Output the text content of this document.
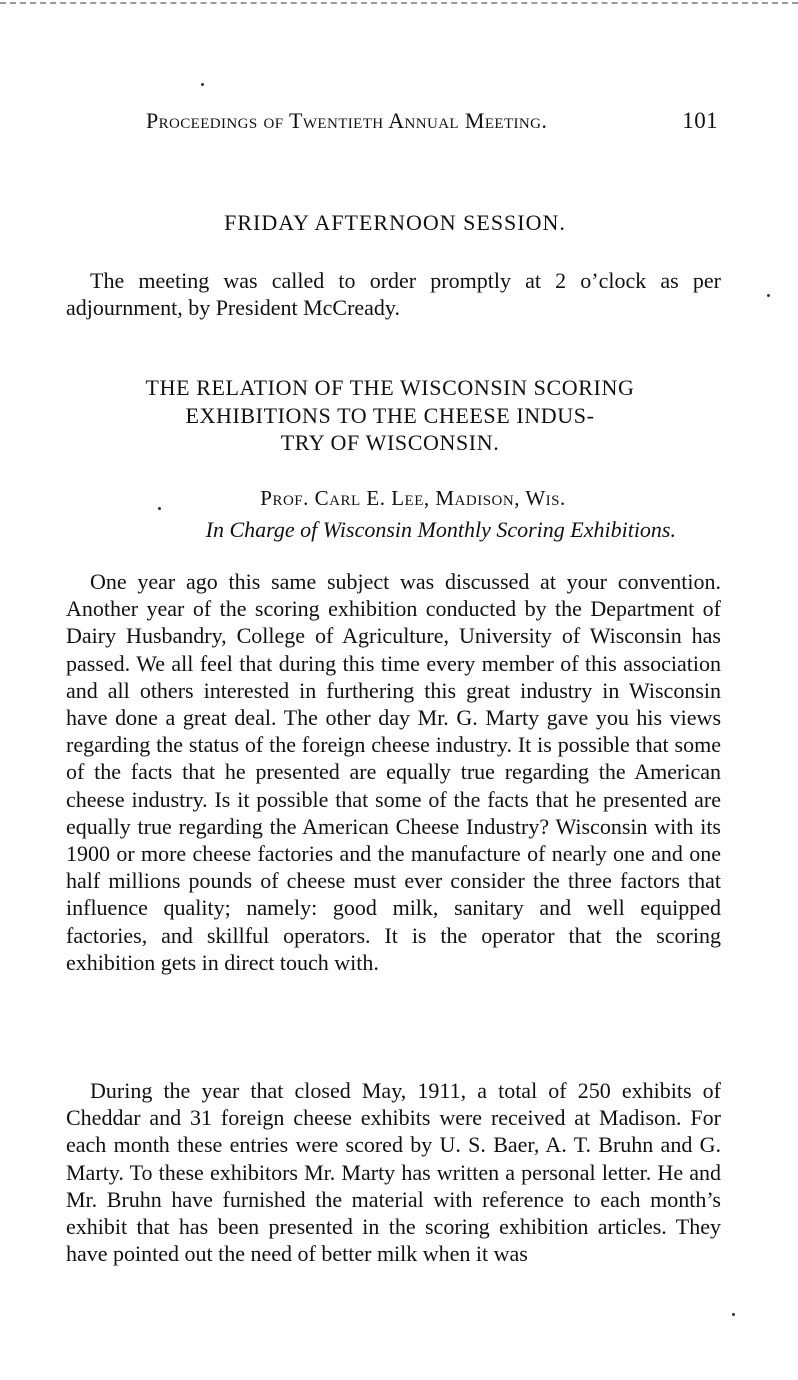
Proceedings of Twentieth Annual Meeting.	101
FRIDAY AFTERNOON SESSION.

The meeting was called to order promptly at 2 o’clock as per adjournment, by President McCready.

THE RELATION OF THE WISCONSIN SCORING
EXHIBITIONS TO THE CHEESE INDUS-
TRY OF WISCONSIN.
Prof. Carl E. Lee, Madison, Wis.
In Charge of Wisconsin Monthly Scoring Exhibitions.

One year ago this same subject was discussed at your convention. Another year of the scoring exhibition conducted by the Department of Dairy Husbandry, College of Agriculture, University of Wisconsin has passed. We all feel that during this time every member of this association and all others interested in furthering this great industry in Wisconsin have done a great deal. The other day Mr. G. Marty gave you his views regarding the status of the foreign cheese industry. It is possible that some of the facts that he presented are equally true regarding the American cheese industry. Is it possible that some of the facts that he presented are equally true regarding the American Cheese Industry? Wisconsin with its 1900 or more cheese factories and the manufacture of nearly one and one half millions pounds of cheese must ever consider the three factors that influence quality; namely: good milk, sanitary and well equipped factories, and skillful operators. It is the operator that the scoring exhibition gets in direct touch with.

During the year that closed May, 1911, a total of 250 exhibits of Cheddar and 31 foreign cheese exhibits were received at Madison. For each month these entries were scored by U. S. Baer, A. T. Bruhn and G. Marty. To these exhibitors Mr. Marty has written a personal letter. He and Mr. Bruhn have furnished the material with reference to each month’s exhibit that has been presented in the scoring exhibition articles. They have pointed out the need of better milk when it was
